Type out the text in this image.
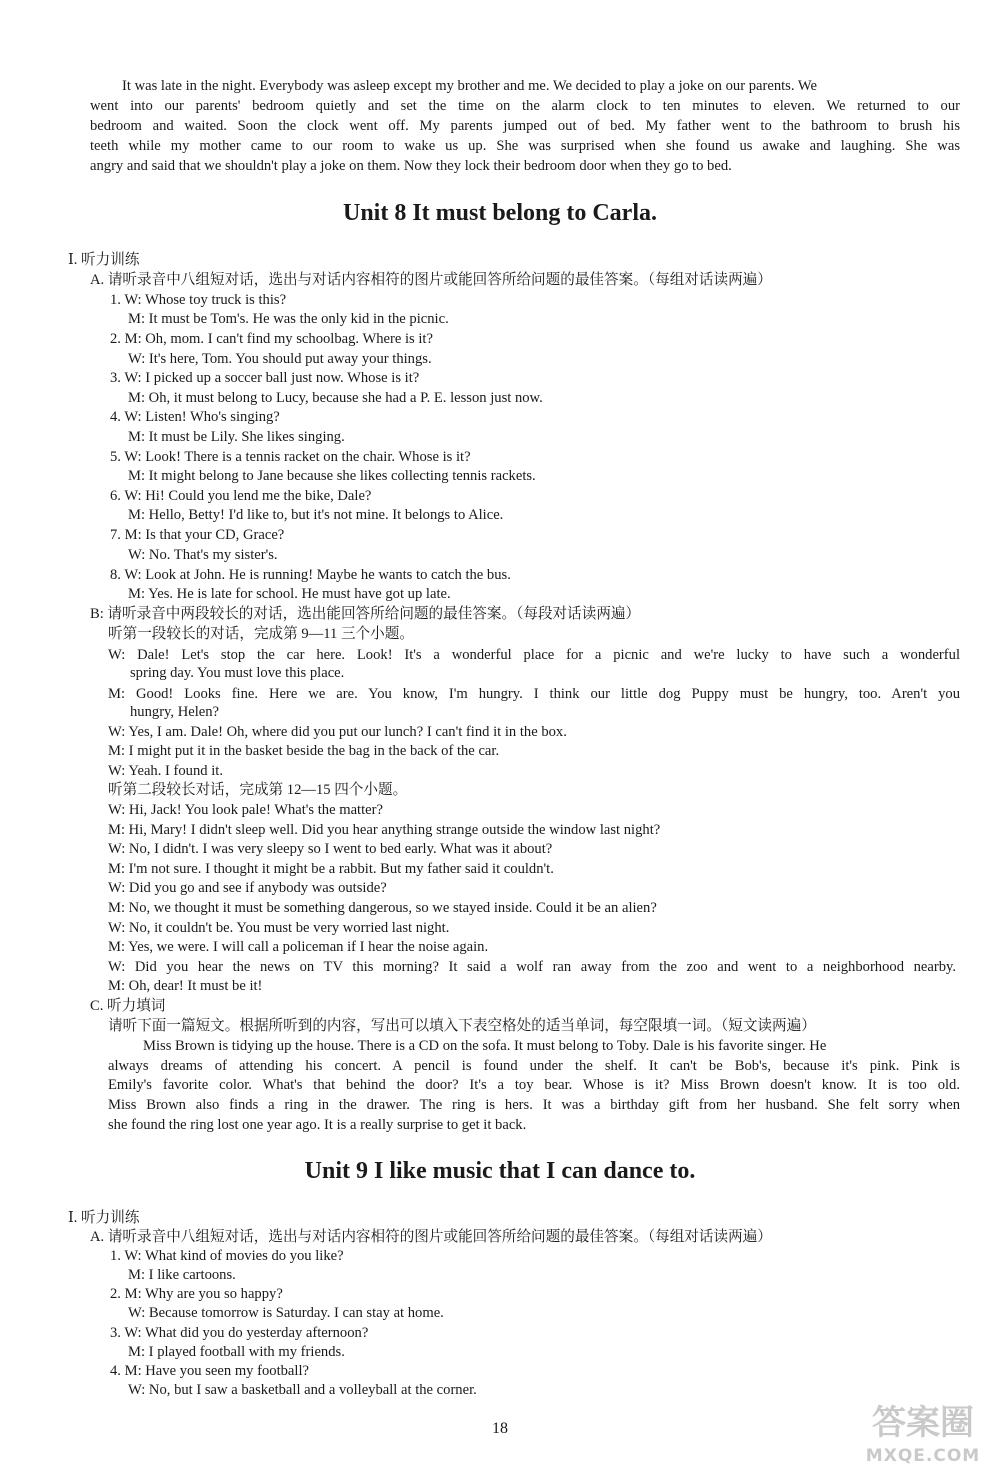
It was late in the night. Everybody was asleep except my brother and me. We decided to play a joke on our parents. We
went into our parents' bedroom quietly and set the time on the alarm clock to ten minutes to eleven. We returned to our
bedroom and waited. Soon the clock went off. My parents jumped out of bed. My father went to the bathroom to brush his
teeth while my mother came to our room to wake us up. She was surprised when she found us awake and laughing. She was
angry and said that we shouldn't play a joke on them. Now they lock their bedroom door when they go to bed.
Unit 8 It must belong to Carla.
Ⅰ. 听力训练
A. 请听录音中八组短对话，选出与对话内容相符的图片或能回答所给问题的最佳答案。（每组对话读两遍）
1. W: Whose toy truck is this?
M: It must be Tom's. He was the only kid in the picnic.
2. M: Oh, mom. I can't find my schoolbag. Where is it?
W: It's here, Tom. You should put away your things.
3. W: I picked up a soccer ball just now. Whose is it?
M: Oh, it must belong to Lucy, because she had a P. E. lesson just now.
4. W: Listen! Who's singing?
M: It must be Lily. She likes singing.
5. W: Look! There is a tennis racket on the chair. Whose is it?
M: It might belong to Jane because she likes collecting tennis rackets.
6. W: Hi! Could you lend me the bike, Dale?
M: Hello, Betty! I'd like to, but it's not mine. It belongs to Alice.
7. M: Is that your CD, Grace?
W: No. That's my sister's.
8. W: Look at John. He is running! Maybe he wants to catch the bus.
M: Yes. He is late for school. He must have got up late.
B: 请听录音中两段较长的对话，选出能回答所给问题的最佳答案。（每段对话读两遍）
听第一段较长的对话，完成第 9—11 三个小题。
W: Dale! Let's stop the car here. Look! It's a wonderful place for a picnic and we're lucky to have such a wonderful
spring day. You must love this place.
M: Good! Looks fine. Here we are. You know, I'm hungry. I think our little dog Puppy must be hungry, too. Aren't you
hungry, Helen?
W: Yes, I am. Dale! Oh, where did you put our lunch? I can't find it in the box.
M: I might put it in the basket beside the bag in the back of the car.
W: Yeah. I found it.
听第二段较长对话，完成第 12—15 四个小题。
W: Hi, Jack! You look pale! What's the matter?
M: Hi, Mary! I didn't sleep well. Did you hear anything strange outside the window last night?
W: No, I didn't. I was very sleepy so I went to bed early. What was it about?
M: I'm not sure. I thought it might be a rabbit. But my father said it couldn't.
W: Did you go and see if anybody was outside?
M: No, we thought it must be something dangerous, so we stayed inside. Could it be an alien?
W: No, it couldn't be. You must be very worried last night.
M: Yes, we were. I will call a policeman if I hear the noise again.
W: Did you hear the news on TV this morning? It said a wolf ran away from the zoo and went to a neighborhood nearby.
M: Oh, dear! It must be it!
C. 听力填词
请听下面一篇短文。根据所听到的内容，写出可以填入下表空格处的适当单词，每空限填一词。（短文读两遍）
Miss Brown is tidying up the house. There is a CD on the sofa. It must belong to Toby. Dale is his favorite singer. He
always dreams of attending his concert. A pencil is found under the shelf. It can't be Bob's, because it's pink. Pink is
Emily's favorite color. What's that behind the door? It's a toy bear. Whose is it? Miss Brown doesn't know. It is too old.
Miss Brown also finds a ring in the drawer. The ring is hers. It was a birthday gift from her husband. She felt sorry when
she found the ring lost one year ago. It is a really surprise to get it back.
Unit 9 I like music that I can dance to.
Ⅰ. 听力训练
A. 请听录音中八组短对话，选出与对话内容相符的图片或能回答所给问题的最佳答案。（每组对话读两遍）
1. W: What kind of movies do you like?
M: I like cartoons.
2. M: Why are you so happy?
W: Because tomorrow is Saturday. I can stay at home.
3. W: What did you do yesterday afternoon?
M: I played football with my friends.
4. M: Have you seen my football?
W: No, but I saw a basketball and a volleyball at the corner.
18	答案圈
MXQE.COM
